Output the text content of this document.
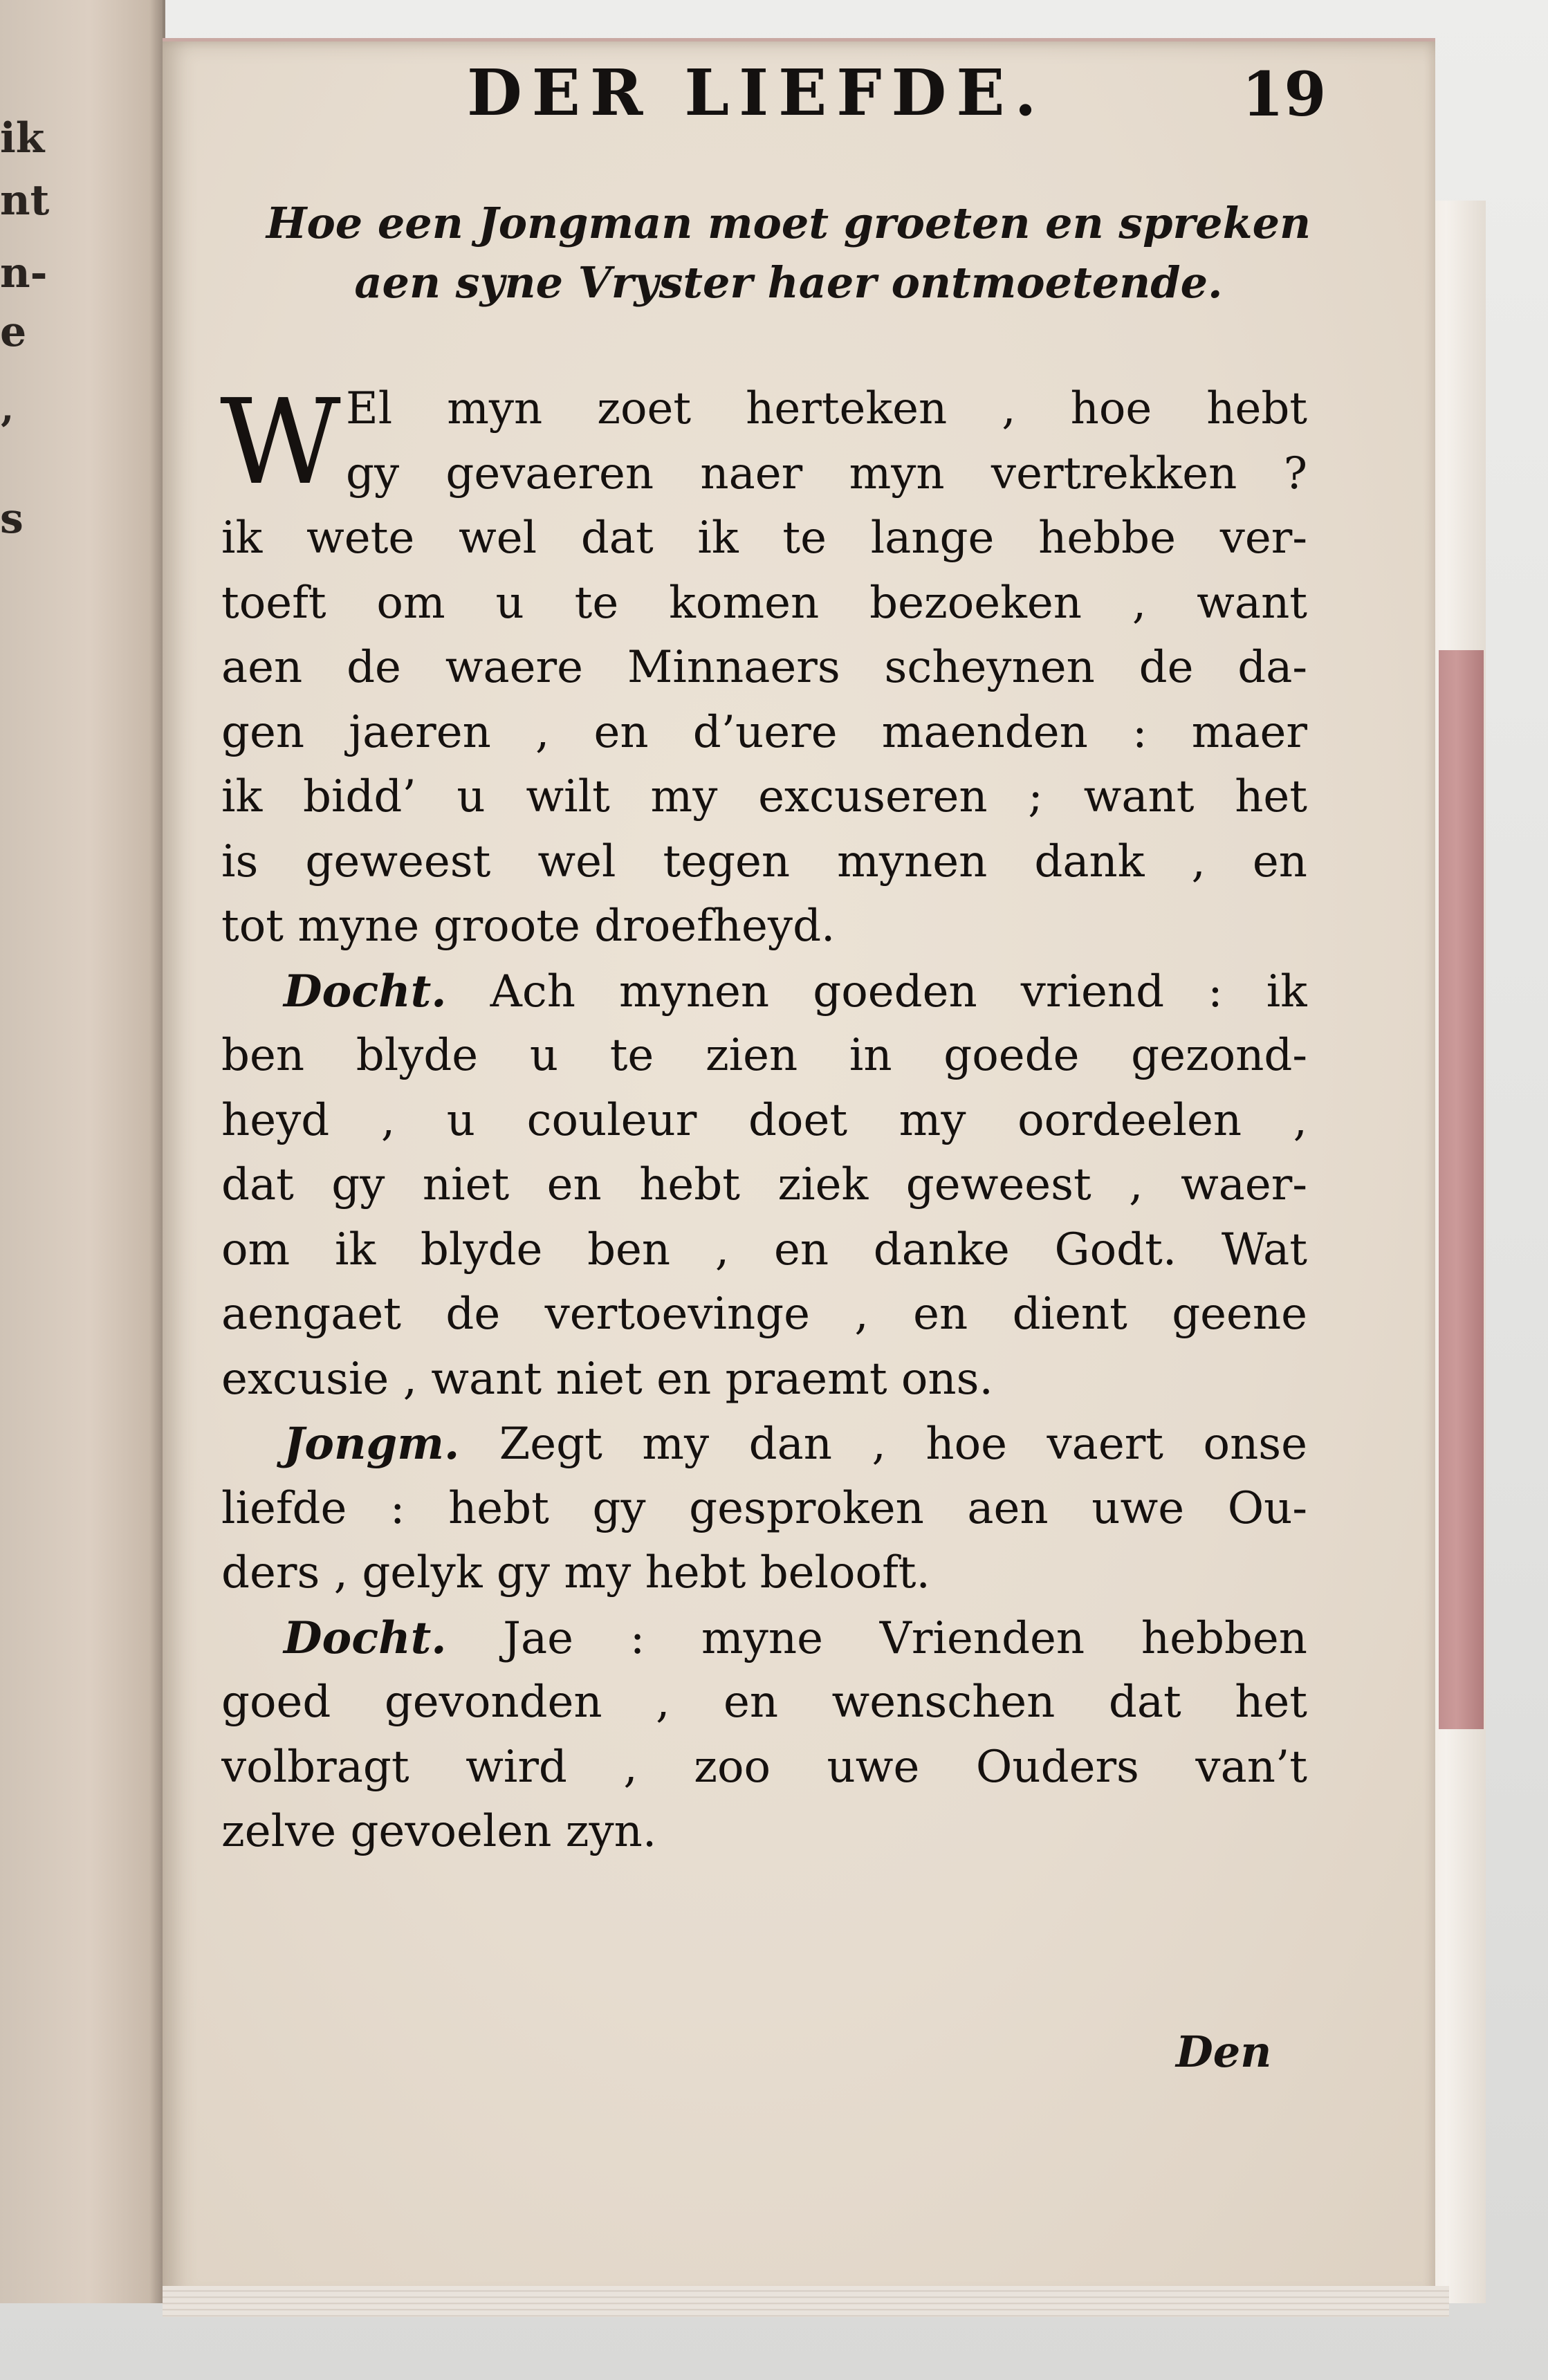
ik
nt
n-
e
‚
s
DER LIEFDE.	19
Hoe een Jongman moet groeten en spreken
aen syne Vryster haer ontmoetende.
W El myn zoet herteken , hoe hebt
gy gevaeren naer myn vertrekken ?
ik wete wel dat ik te lange hebbe ver-
toeft om u te komen bezoeken , want
aen de waere Minnaers scheynen de da-
gen jaeren , en d’uere maenden : maer
ik bidd’ u wilt my excuseren ; want het
is geweest wel tegen mynen dank , en
tot myne groote droefheyd.
Docht. Ach mynen goeden vriend : ik
ben blyde u te zien in goede gezond-
heyd , u couleur doet my oordeelen ,
dat gy niet en hebt ziek geweest , waer-
om ik blyde ben , en danke Godt. Wat
aengaet de vertoevinge , en dient geene
excusie , want niet en praemt ons.
Jongm. Zegt my dan , hoe vaert onse
liefde : hebt gy gesproken aen uwe Ou-
ders , gelyk gy my hebt belooft.
Docht. Jae : myne Vrienden hebben
goed gevonden , en wenschen dat het
volbragt wird , zoo uwe Ouders van’t
zelve gevoelen zyn.
Den
